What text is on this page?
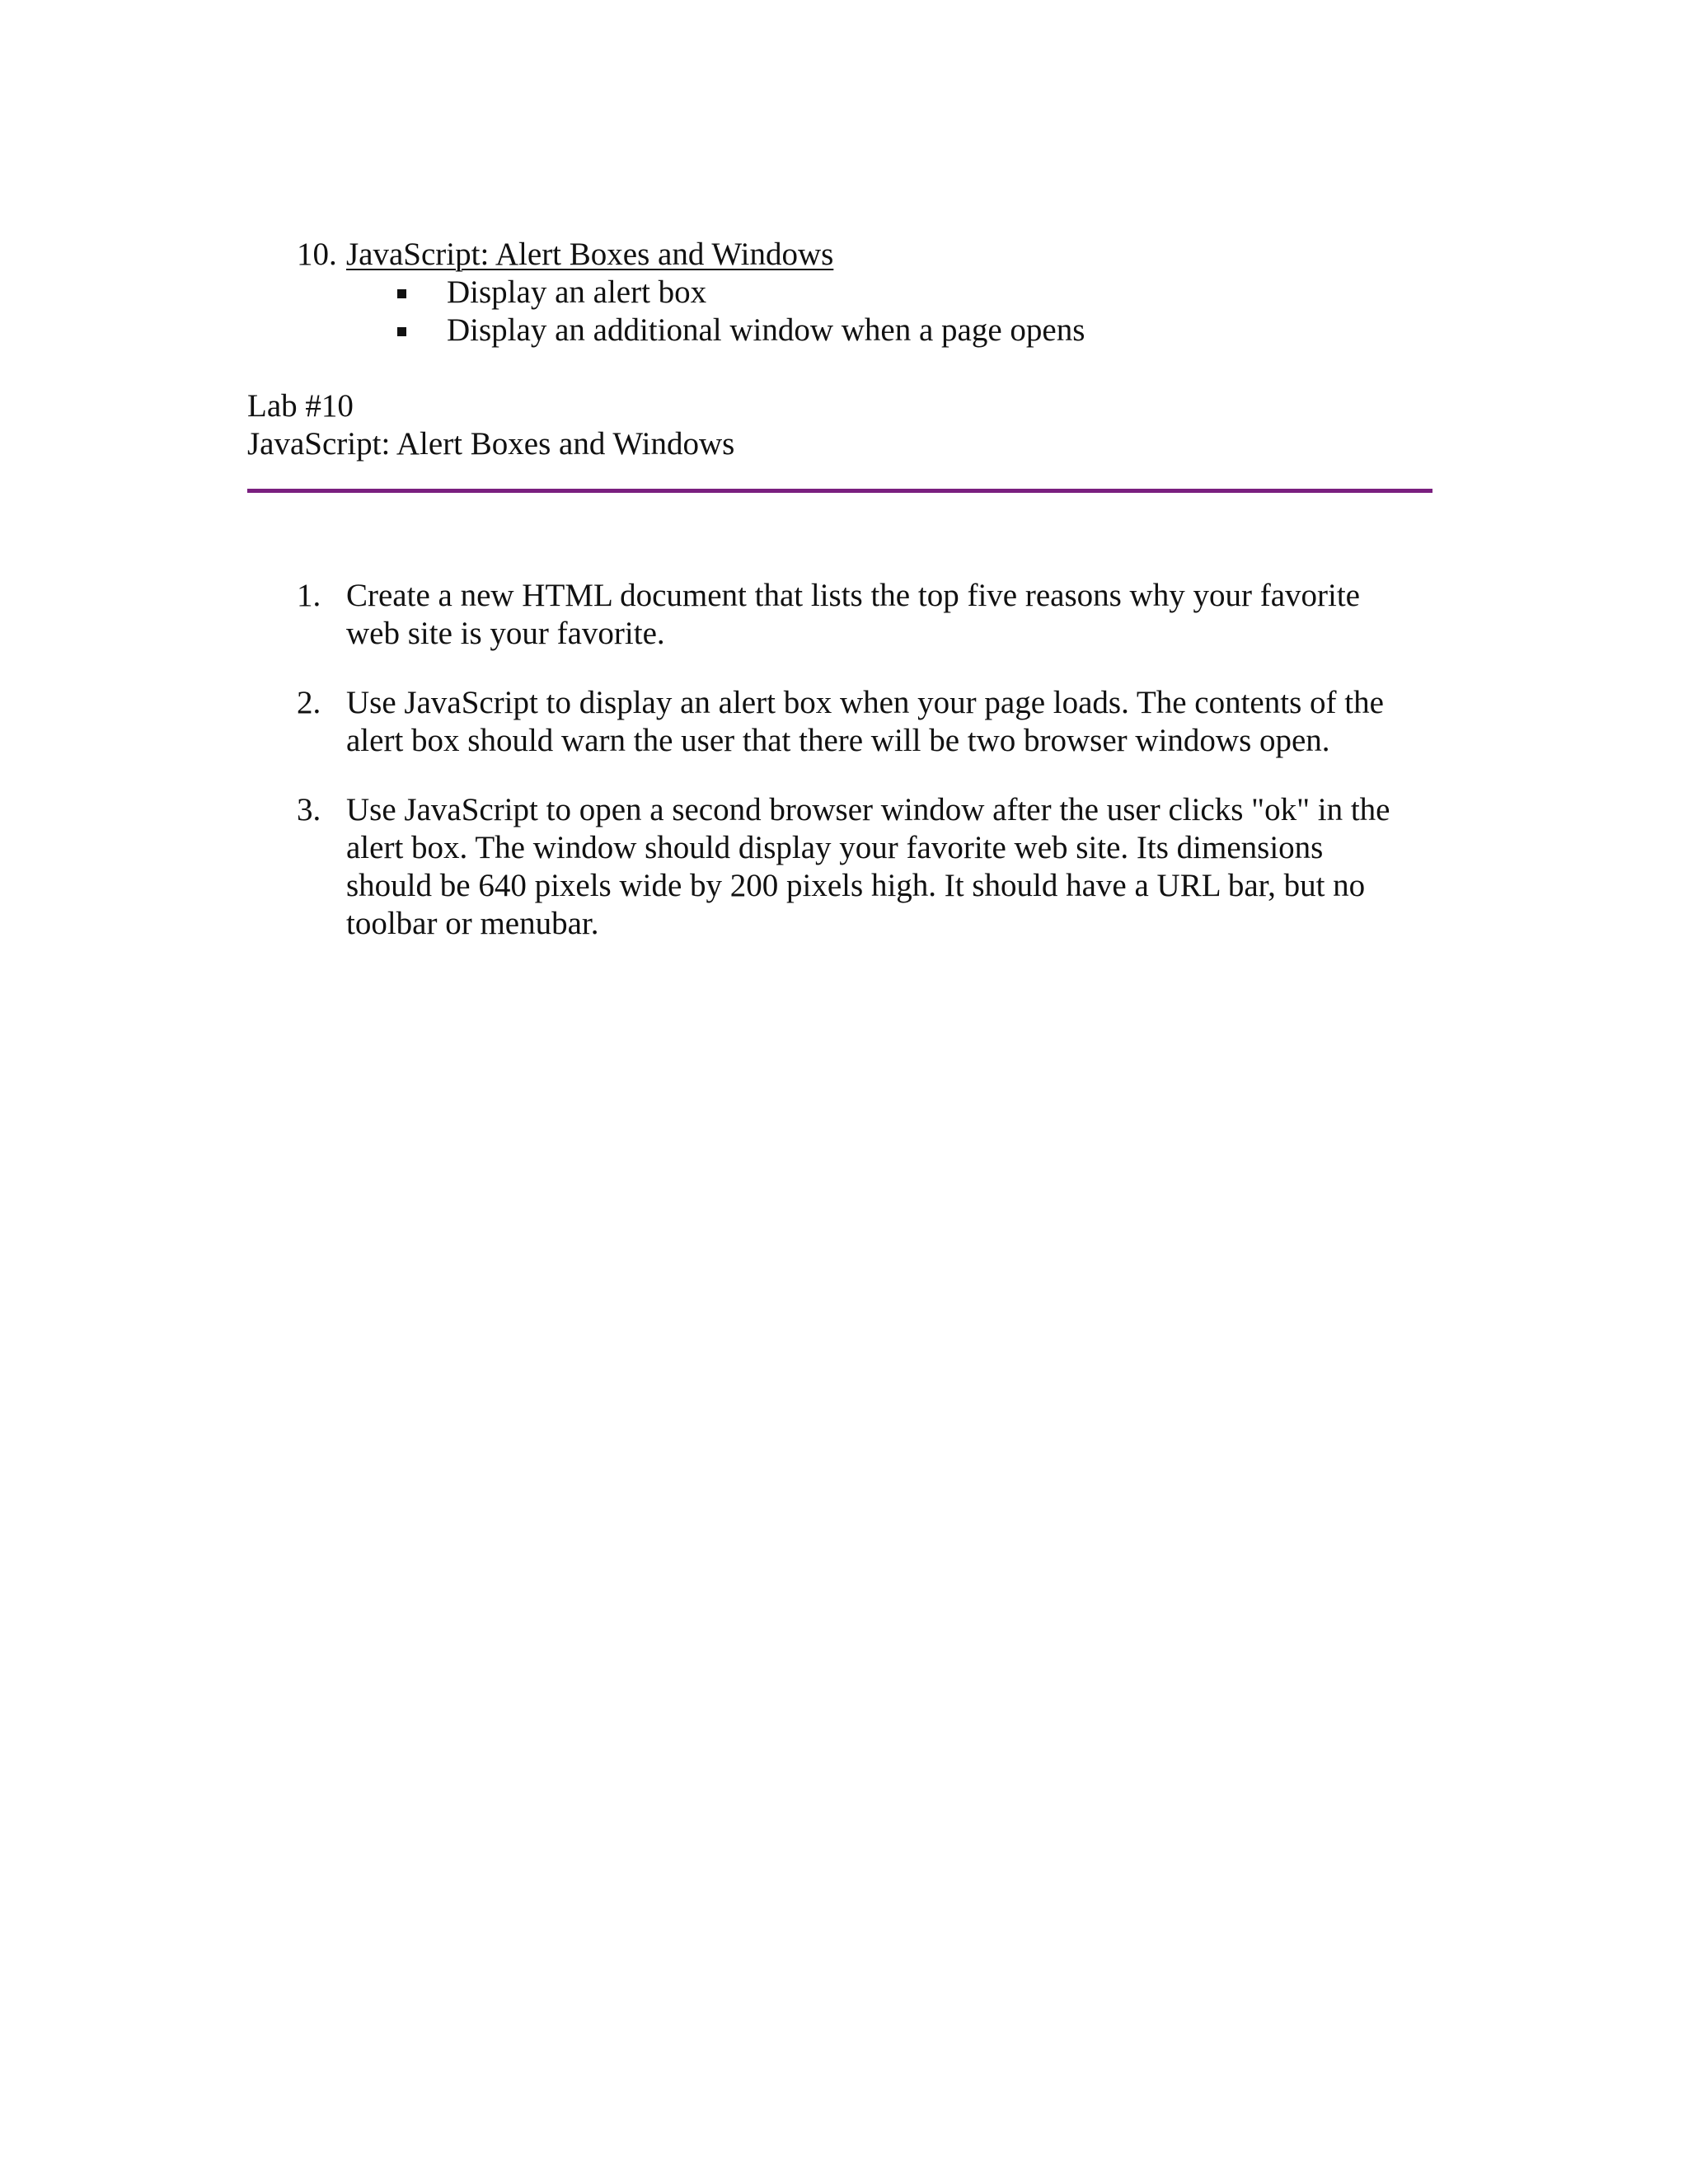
10. JavaScript: Alert Boxes and Windows
Display an alert box
Display an additional window when a page opens
Lab #10
JavaScript: Alert Boxes and Windows
1. Create a new HTML document that lists the top five reasons why your favorite
web site is your favorite.
2. Use JavaScript to display an alert box when your page loads. The contents of the
alert box should warn the user that there will be two browser windows open.
3. Use JavaScript to open a second browser window after the user clicks "ok" in the
alert box. The window should display your favorite web site. Its dimensions
should be 640 pixels wide by 200 pixels high. It should have a URL bar, but no
toolbar or menubar.
